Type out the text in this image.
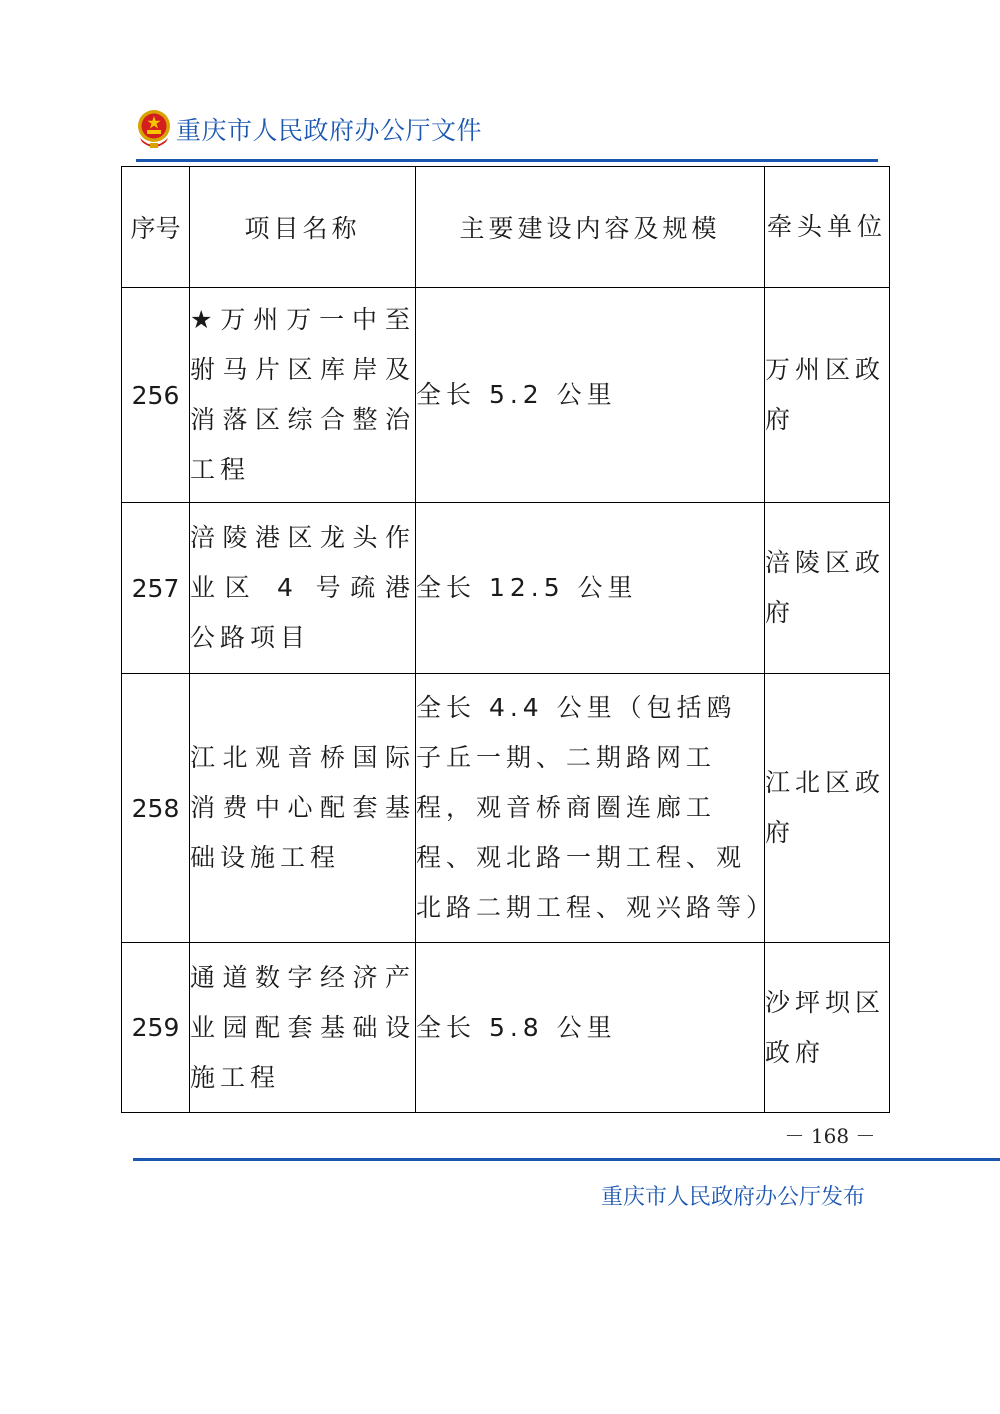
重庆市人民政府办公厅文件
序号	项目名称	主要建设内容及规模	牵头单位
256	★万州万一中至驸马片区库岸及消落区综合整治工程	全长 5.2 公里	万州区政府
257	涪陵港区龙头作业区 4 号疏港公路项目	全长 12.5 公里	涪陵区政府
258	江北观音桥国际消费中心配套基础设施工程	全长 4.4 公里（包括鸥子丘一期、二期路网工程，观音桥商圈连廊工程、观北路一期工程、观北路二期工程、观兴路等）	江北区政府
259	通道数字经济产业园配套基础设施工程	全长 5.8 公里	沙坪坝区政府
－ 168 －
重庆市人民政府办公厅发布
